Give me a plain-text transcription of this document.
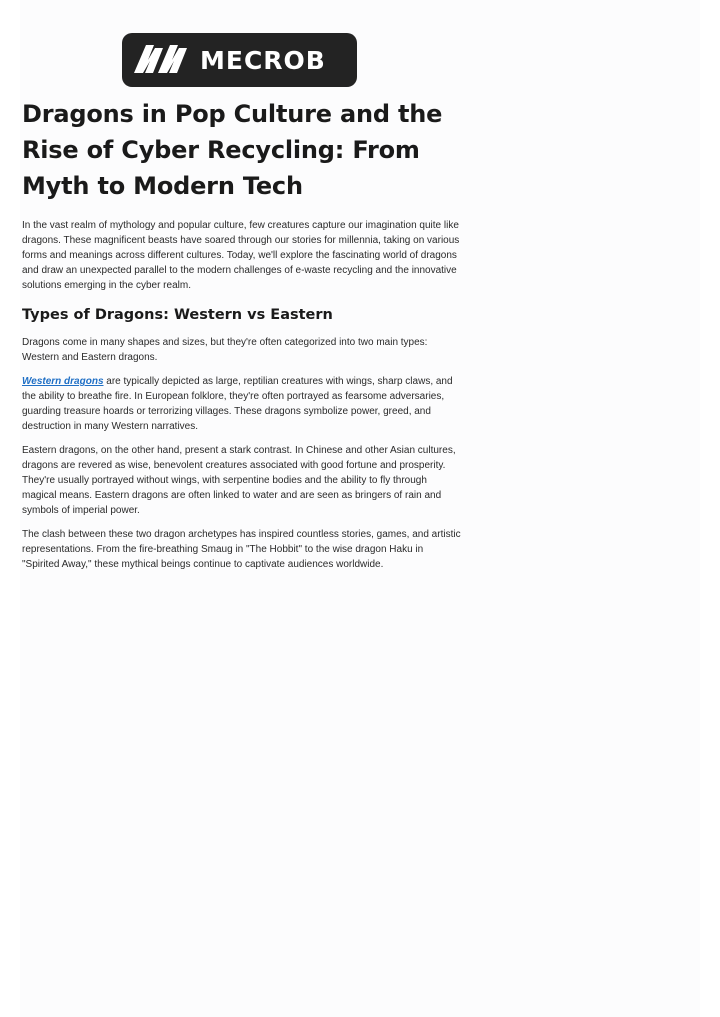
MECROB
Dragons in Pop Culture and the Rise of Cyber Recycling: From Myth to Modern Tech

In the vast realm of mythology and popular culture, few creatures capture our imagination quite like dragons. These magnificent beasts have soared through our stories for millennia, taking on various forms and meanings across different cultures. Today, we'll explore the fascinating world of dragons and draw an unexpected parallel to the modern challenges of e-waste recycling and the innovative solutions emerging in the cyber realm.

Types of Dragons: Western vs Eastern

Dragons come in many shapes and sizes, but they're often categorized into two main types: Western and Eastern dragons.

Western dragons are typically depicted as large, reptilian creatures with wings, sharp claws, and the ability to breathe fire. In European folklore, they're often portrayed as fearsome adversaries, guarding treasure hoards or terrorizing villages. These dragons symbolize power, greed, and destruction in many Western narratives.

Eastern dragons, on the other hand, present a stark contrast. In Chinese and other Asian cultures, dragons are revered as wise, benevolent creatures associated with good fortune and prosperity. They're usually portrayed without wings, with serpentine bodies and the ability to fly through magical means. Eastern dragons are often linked to water and are seen as bringers of rain and symbols of imperial power.

The clash between these two dragon archetypes has inspired countless stories, games, and artistic representations. From the fire-breathing Smaug in "The Hobbit" to the wise dragon Haku in "Spirited Away," these mythical beings continue to captivate audiences worldwide.
